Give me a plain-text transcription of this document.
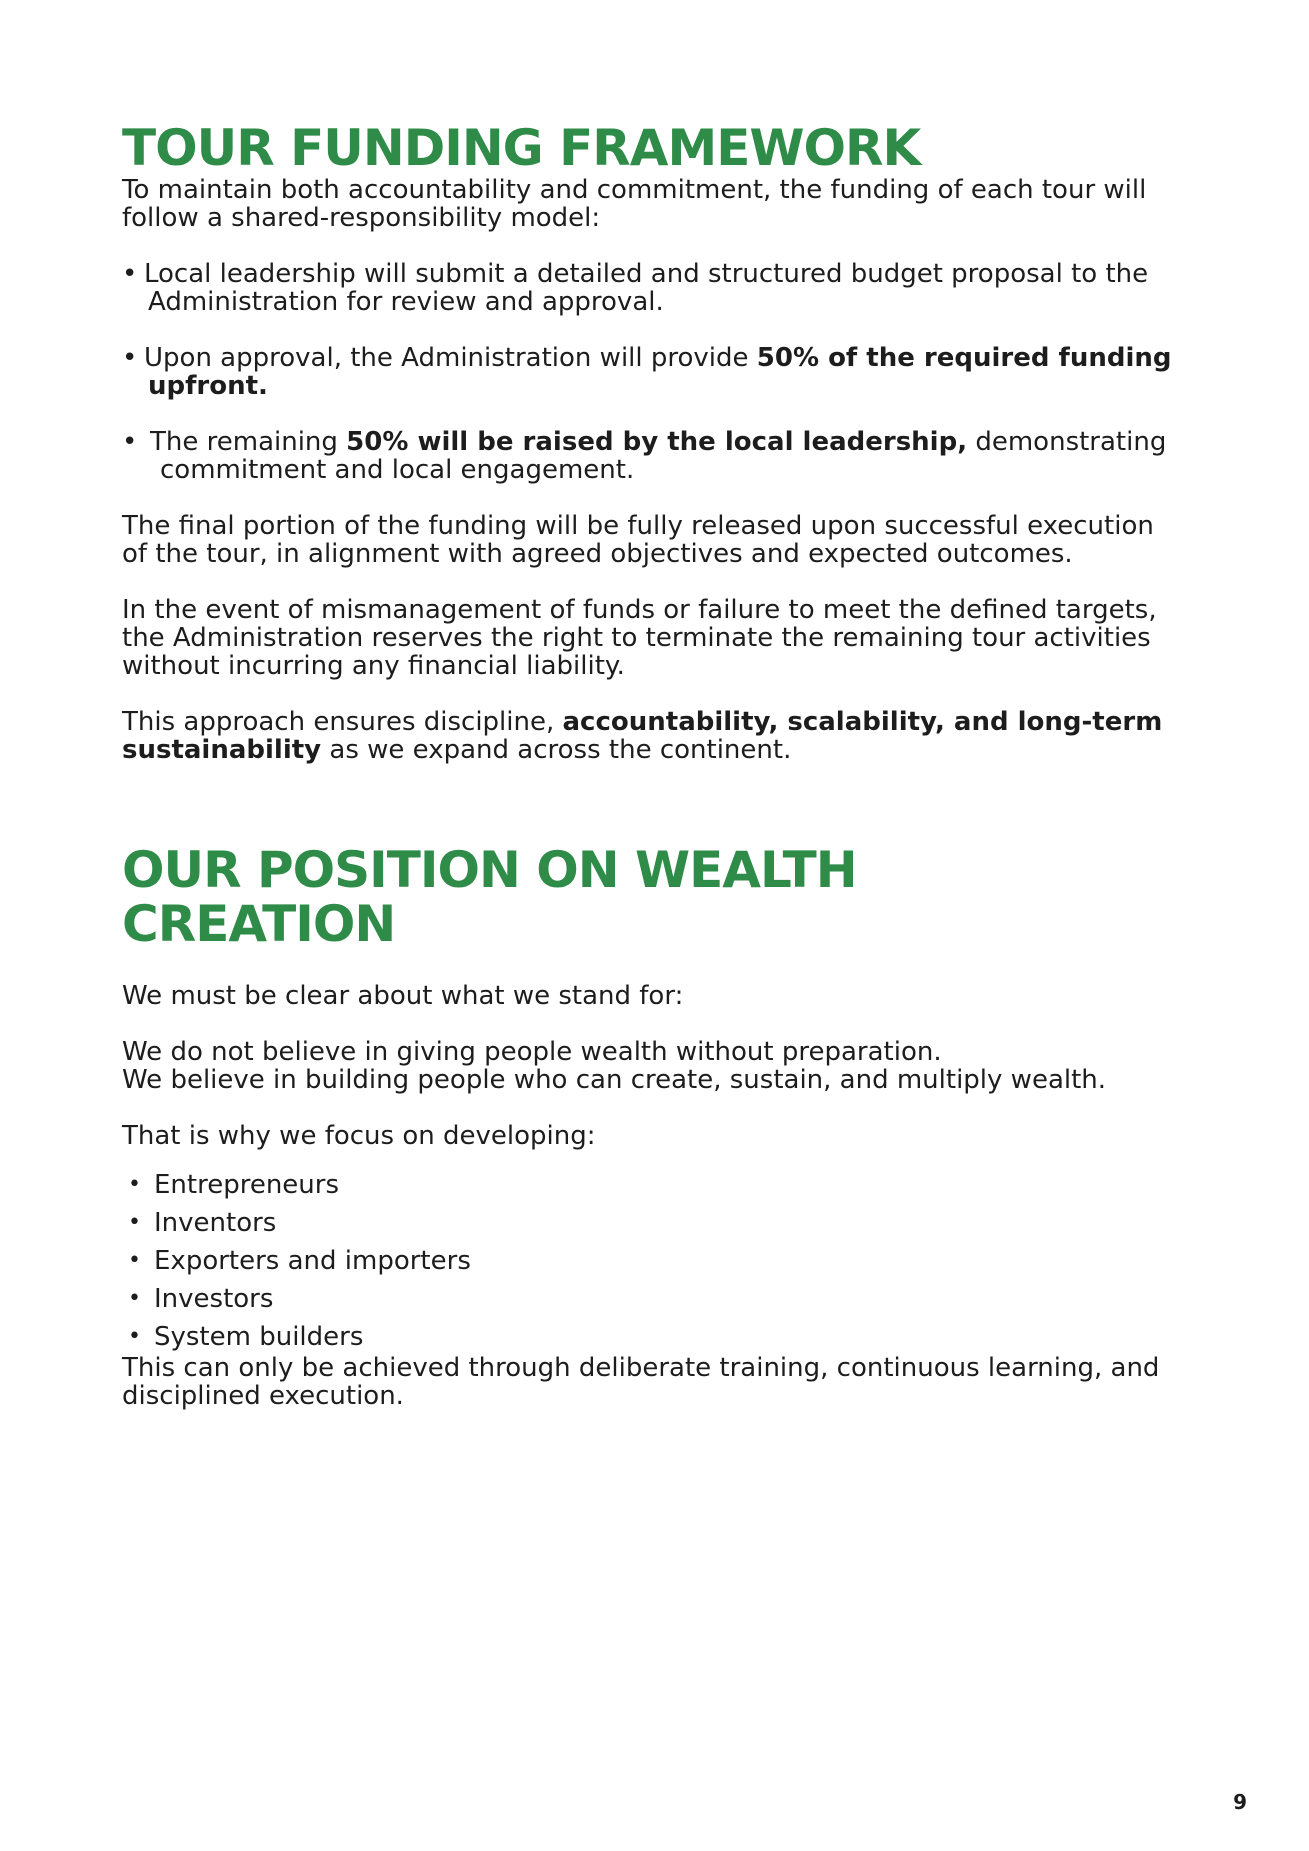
TOUR FUNDING FRAMEWORK

To maintain both accountability and commitment, the funding of each tour will

follow a shared-responsibility model:

• Local leadership will submit a detailed and structured budget proposal to the
Administration for review and approval.
• Upon approval, the Administration will provide 50% of the required funding
upfront.
• The remaining 50% will be raised by the local leadership, demonstrating
commitment and local engagement.

The final portion of the funding will be fully released upon successful execution

of the tour, in alignment with agreed objectives and expected outcomes.

In the event of mismanagement of funds or failure to meet the defined targets,

the Administration reserves the right to terminate the remaining tour activities

without incurring any financial liability.

This approach ensures discipline, accountability, scalability, and long-term

sustainability as we expand across the continent.

OUR POSITION ON WEALTH
CREATION

We must be clear about what we stand for:

We do not believe in giving people wealth without preparation.

We believe in building people who can create, sustain, and multiply wealth.

That is why we focus on developing:

• Entrepreneurs
• Inventors
• Exporters and importers
• Investors
• System builders

This can only be achieved through deliberate training, continuous learning, and

disciplined execution.

9
